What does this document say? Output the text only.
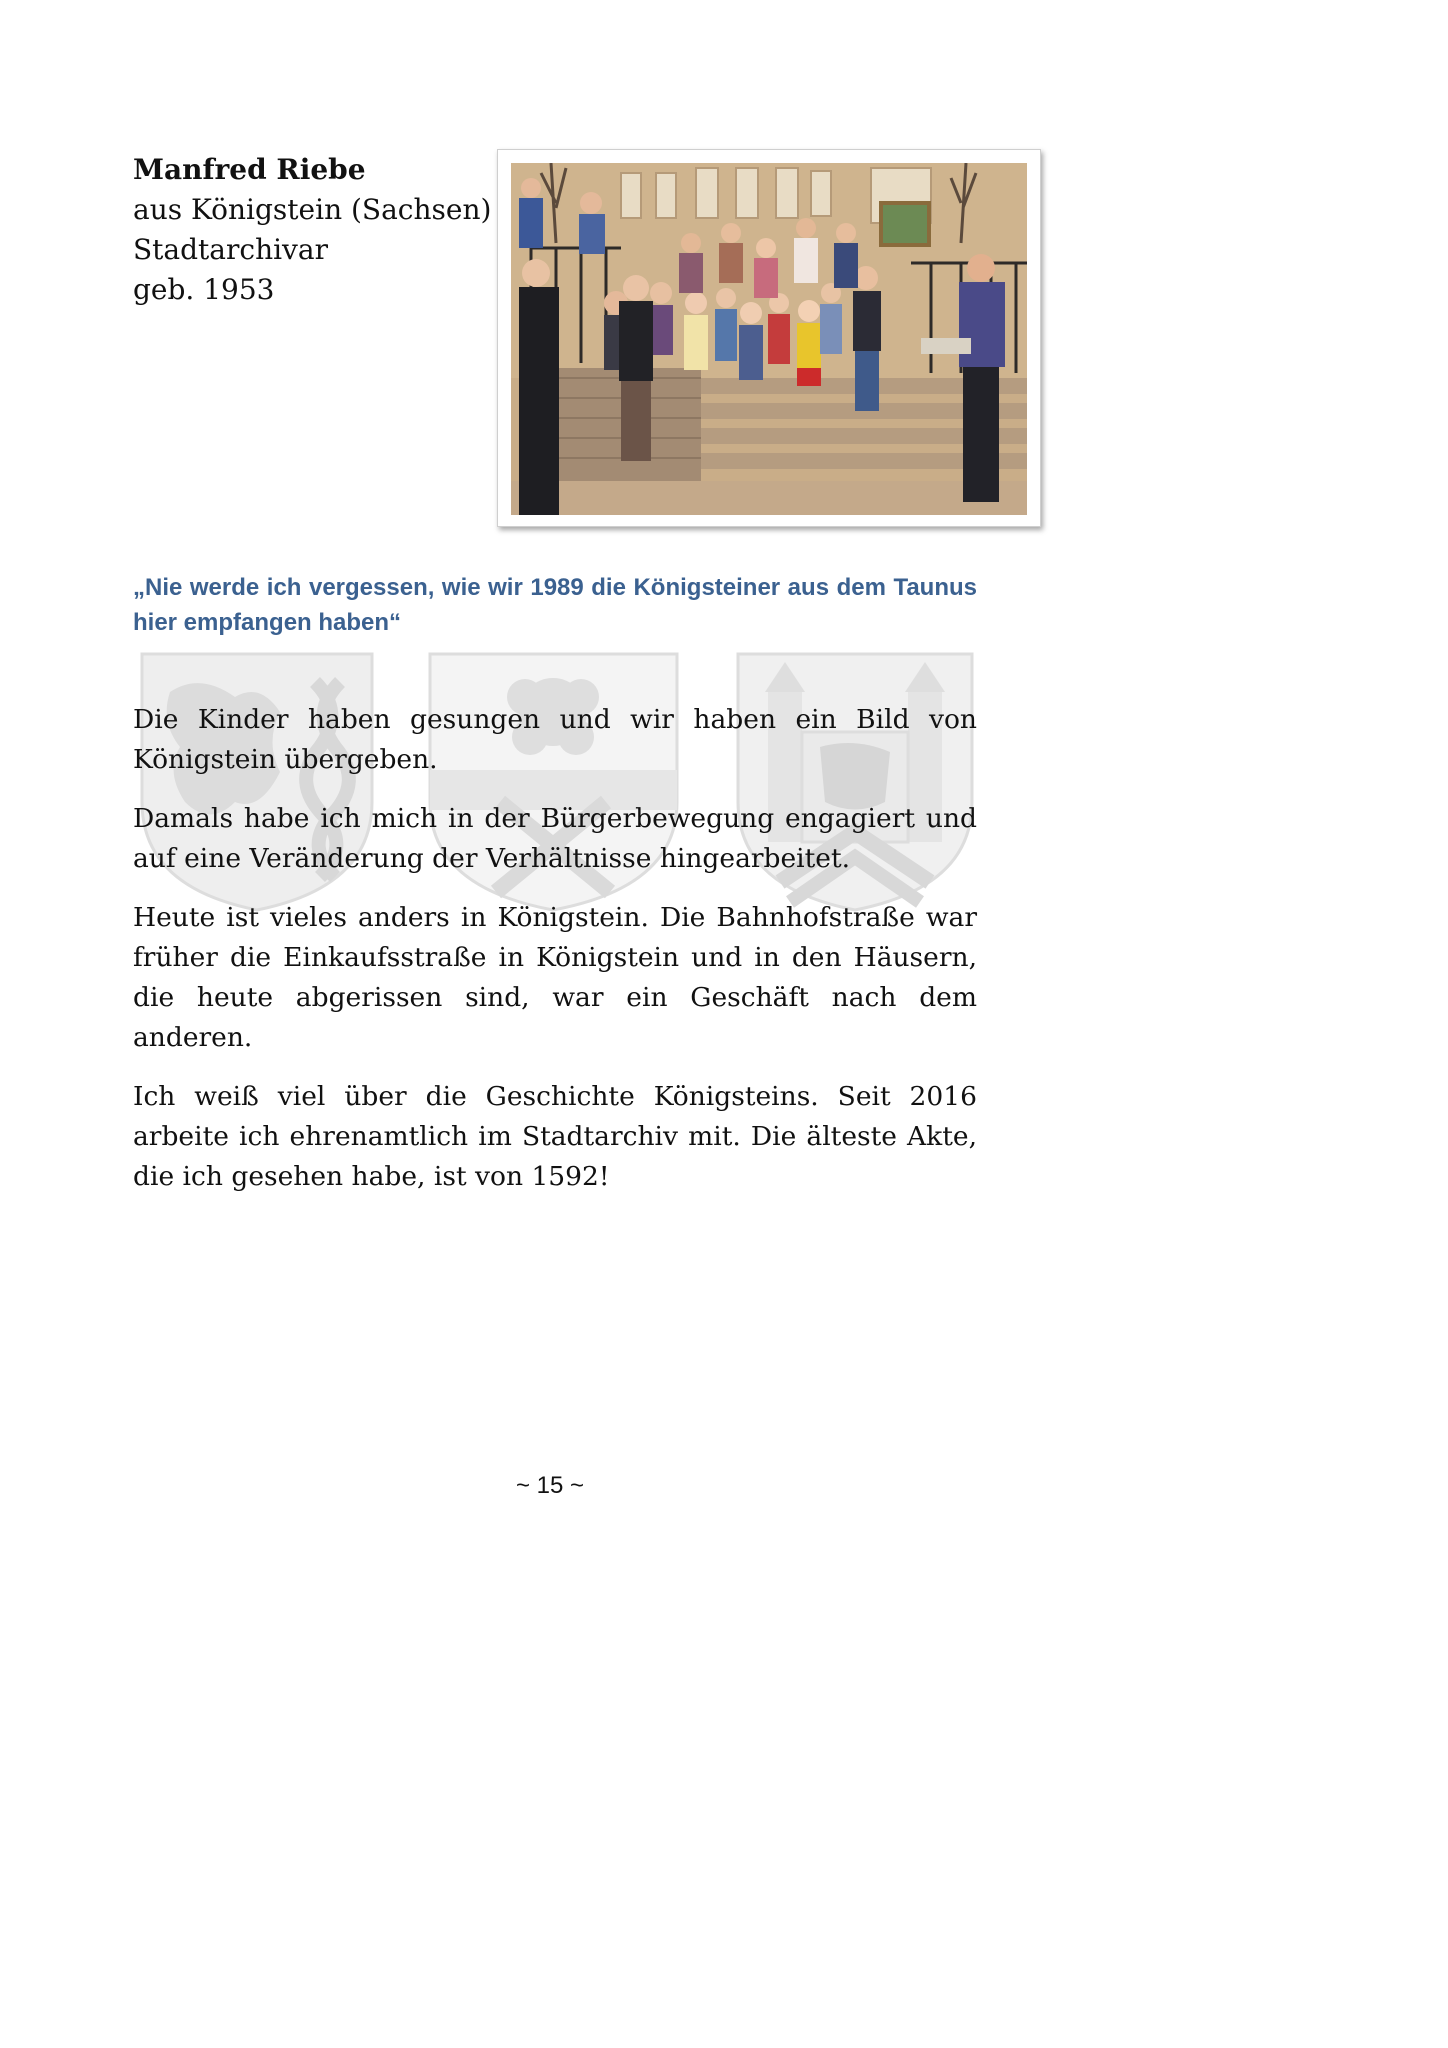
Manfred Riebe
aus Königstein (Sachsen)
Stadtarchivar
geb. 1953
„Nie werde ich vergessen, wie wir 1989 die Königsteiner aus dem Taunus hier empfangen haben“

Die Kinder haben gesungen und wir haben ein Bild von Königstein übergeben.

Damals habe ich mich in der Bürgerbewegung engagiert und auf eine Veränderung der Verhältnisse hingearbeitet.

Heute ist vieles anders in Königstein. Die Bahnhofstraße war früher die Einkaufsstraße in Königstein und in den Häusern, die heute abgerissen sind, war ein Geschäft nach dem anderen.

Ich weiß viel über die Geschichte Königsteins. Seit 2016 arbeite ich ehrenamtlich im Stadtarchiv mit. Die älteste Akte, die ich gesehen habe, ist von 1592!

~ 15 ~
